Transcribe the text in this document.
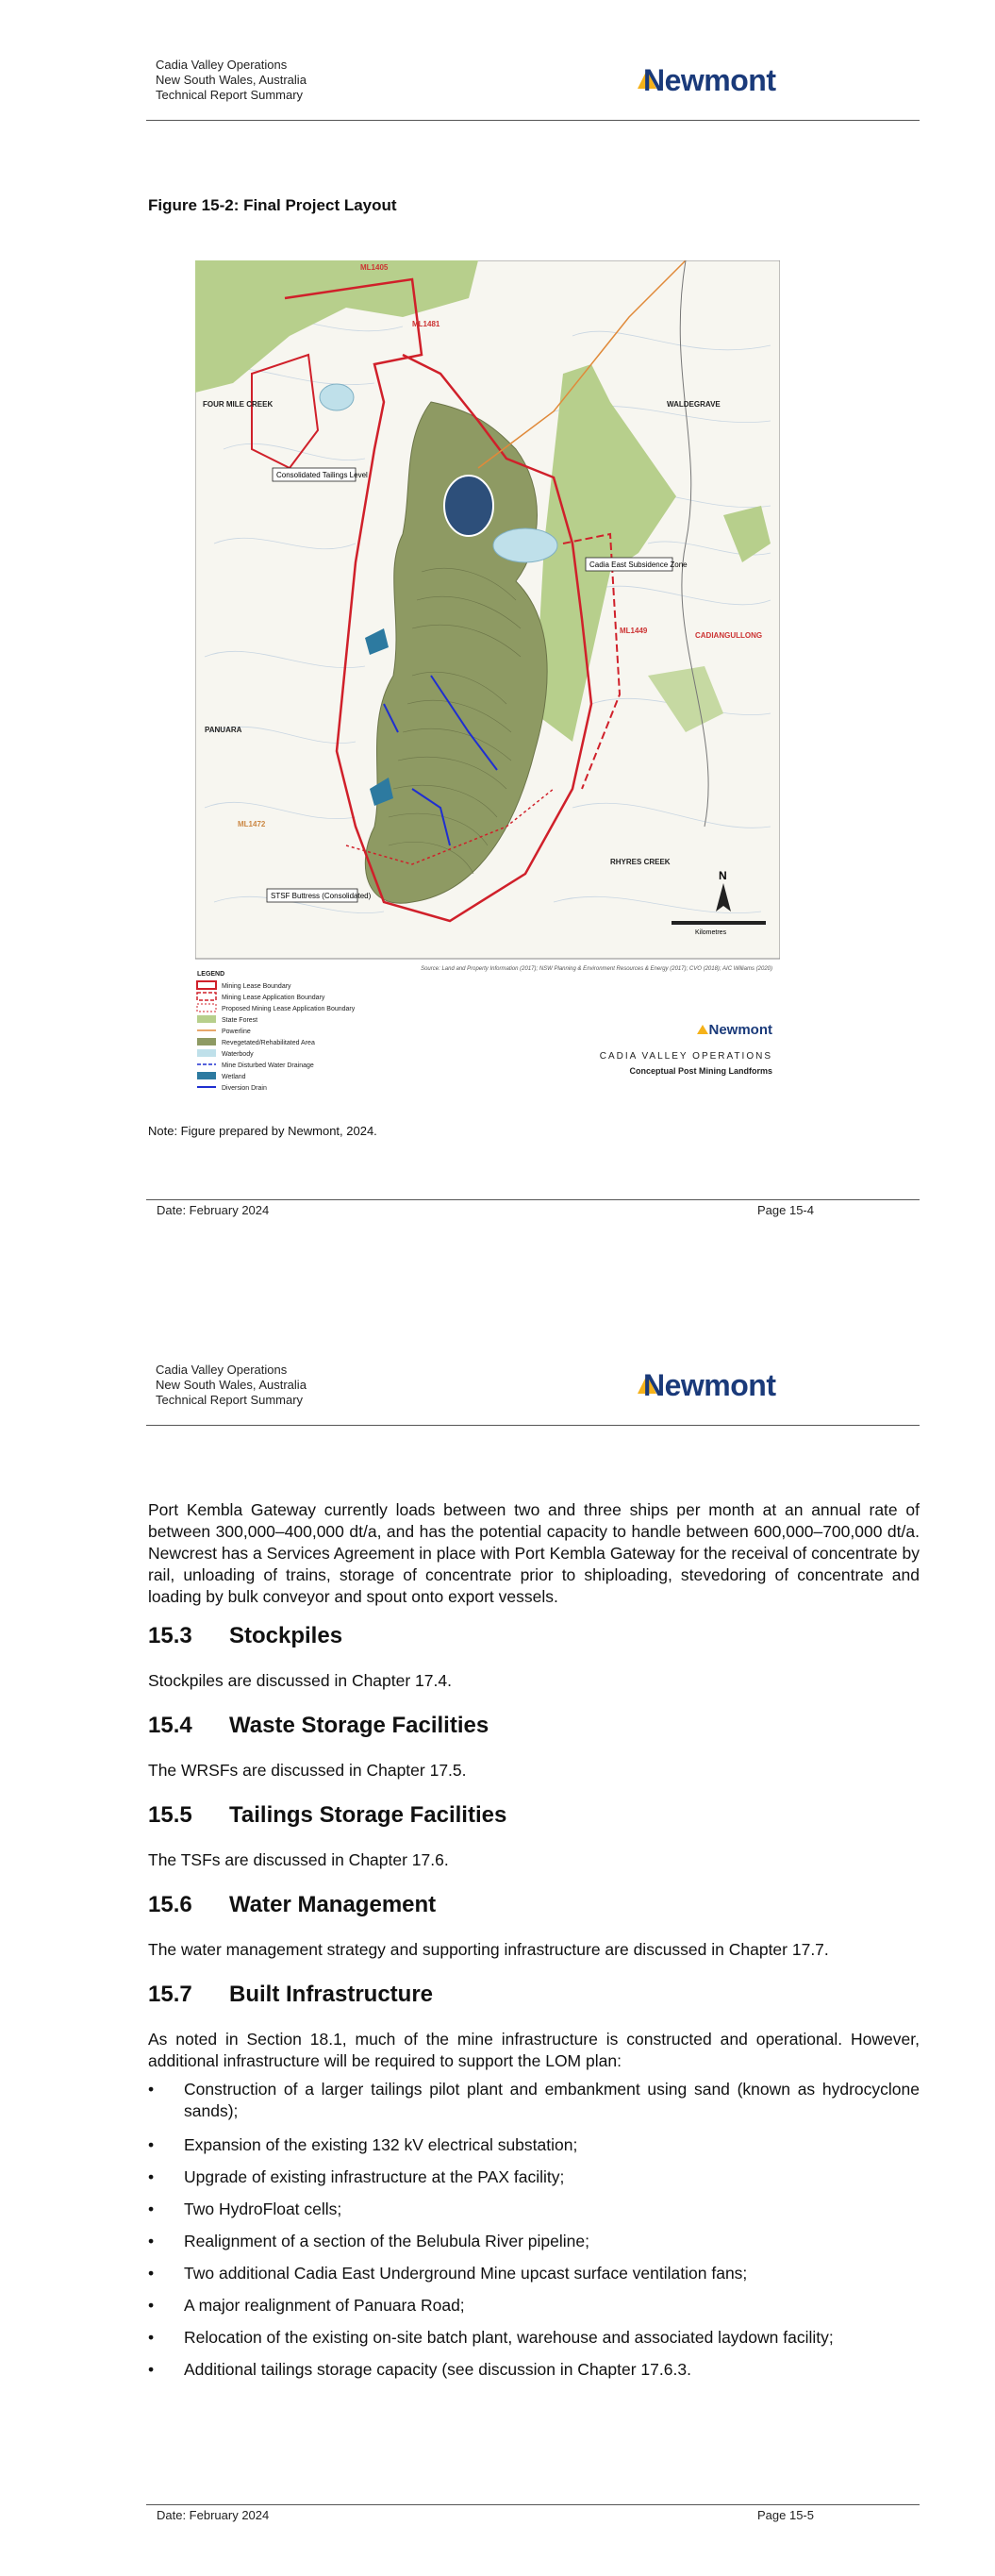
Cadia Valley Operations
New South Wales, Australia
Technical Report Summary	Newmont
Figure 15-2: Final Project Layout
FOUR MILE CREEK	WALDEGRAVE
PANUARA
RHYRES CREEK
CADIANGULLONG
ML1472
ML1405
ML1481
ML1449
Consolidated Tailings Level
Cadia East Subsidence Zone
STSF Buttress (Consolidated)
N
Kilometres
Source: Land and Property Information (2017); NSW Planning & Environment Resources & Energy (2017); CVO (2018); AIC Williams (2020)
LEGEND
Mining Lease Boundary
Mining Lease Application Boundary
Proposed Mining Lease Application Boundary
State Forest
Powerline
Revegetated/Rehabilitated Area
Waterbody
Mine Disturbed Water Drainage
Wetland
Diversion Drain
Newmont
CADIA VALLEY OPERATIONS
Conceptual Post Mining Landforms
Note: Figure prepared by Newmont, 2024.
Date: February 2024	Page 15-4
Cadia Valley Operations
New South Wales, Australia
Technical Report Summary	Newmont
Port Kembla Gateway currently loads between two and three ships per month at an annual rate of between 300,000–400,000 dt/a, and has the potential capacity to handle between 600,000–700,000 dt/a. Newcrest has a Services Agreement in place with Port Kembla Gateway for the receival of concentrate by rail, unloading of trains, storage of concentrate prior to shiploading, stevedoring of concentrate and loading by bulk conveyor and spout onto export vessels.
15.3 Stockpiles
Stockpiles are discussed in Chapter 17.4.
15.4 Waste Storage Facilities
The WRSFs are discussed in Chapter 17.5.
15.5 Tailings Storage Facilities
The TSFs are discussed in Chapter 17.6.
15.6 Water Management
The water management strategy and supporting infrastructure are discussed in Chapter 17.7.
15.7 Built Infrastructure
As noted in Section 18.1, much of the mine infrastructure is constructed and operational. However, additional infrastructure will be required to support the LOM plan:
• Construction of a larger tailings pilot plant and embankment using sand (known as hydrocyclone sands);
• Expansion of the existing 132 kV electrical substation;
• Upgrade of existing infrastructure at the PAX facility;
• Two HydroFloat cells;
• Realignment of a section of the Belubula River pipeline;
• Two additional Cadia East Underground Mine upcast surface ventilation fans;
• A major realignment of Panuara Road;
• Relocation of the existing on-site batch plant, warehouse and associated laydown facility;
• Additional tailings storage capacity (see discussion in Chapter 17.6.3.
Date: February 2024	Page 15-5
